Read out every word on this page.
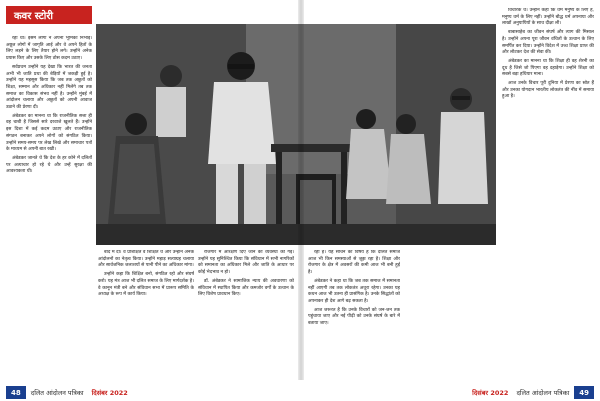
कवर स्टोरी

रहा था। इसमें लोगों ने अपनी भूमिका निभाई। अछूत लोगों में जागृति आई और वे अपने हितों के लिए लड़ने के लिए तैयार होने लगे। उन्होंने अनेक प्रयास किए और उसके लिए ठोस कदम उठाए।

सर्वप्रथम उन्होंने यह देखा कि भारत की जनता अभी भी जाति प्रथा की बेड़ियों में जकड़ी हुई है। उन्होंने यह महसूस किया कि जब तक अछूतों को शिक्षा, सम्मान और अधिकार नहीं मिलेंगे तब तक समाज का विकास संभव नहीं है। उन्होंने मुंबई में आंदोलन चलाया और अछूतों को अपनी आवाज उठाने की प्रेरणा दी।

अंबेडकर का मानना था कि राजनीतिक सत्ता ही वह चाबी है जिससे सारे दरवाजे खुलते हैं। उन्होंने इस दिशा में कई कदम उठाए और राजनीतिक संगठन बनाकर अपने लोगों को संगठित किया। उन्होंने समय-समय पर लेख लिखे और समाचार पत्रों के माध्यम से अपनी बात रखी।

अंबेडकर जानते थे कि देश के हर कोने में दलितों पर अत्याचार हो रहे थे और उन्हें सुरक्षा की आवश्यकता थी।

बाद में दी। वे प्रशिक्षित व शिक्षित थे और उन्होंने अनेक आंदोलनों का नेतृत्व किया। उन्होंने महाड़ सत्याग्रह चलाया और सार्वजनिक जलाशयों से पानी पीने का अधिकार मांगा।

उन्होंने कहा कि शिक्षित बनो, संगठित रहो और संघर्ष करो। यह मंत्र आज भी दलित समाज के लिए मार्गदर्शक है। वे कानून मंत्री बने और संविधान सभा में प्रारूप समिति के अध्यक्ष के रूप में कार्य किया।

रोजगार में आरक्षण दिए जाने की व्यवस्था की गई। उन्होंने यह सुनिश्चित किया कि संविधान में सभी नागरिकों को समानता का अधिकार मिले और जाति के आधार पर कोई भेदभाव न हो।

डॉ. अंबेडकर ने सामाजिक न्याय की अवधारणा को संविधान में स्थापित किया और कमजोर वर्गों के उत्थान के लिए विशेष प्रावधान किए।

रही है। यह सोचने का विषय है कि दलित समाज आज भी किन समस्याओं से जूझ रहा है। शिक्षा और रोजगार के क्षेत्र में अवसरों की कमी आज भी बनी हुई है।

अंबेडकर ने कहा था कि जब तक समाज में समानता नहीं आएगी तब तक लोकतंत्र अधूरा रहेगा। उनका यह कथन आज भी उतना ही प्रासंगिक है। उनके सिद्धांतों को अपनाकर ही देश आगे बढ़ सकता है।

आज जरूरत है कि उनके विचारों को जन-जन तक पहुंचाया जाए और नई पीढ़ी को उनके संघर्ष के बारे में बताया जाए।

विचारक थे। उन्होंने कहा कि धर्म मनुष्य के लिए है, मनुष्य धर्म के लिए नहीं। उन्होंने बौद्ध धर्म अपनाया और लाखों अनुयायियों के साथ दीक्षा ली।

बाबासाहेब का जीवन संघर्ष और त्याग की मिसाल है। उन्होंने अपना पूरा जीवन वंचितों के उत्थान के लिए समर्पित कर दिया। उन्होंने विदेश में उच्च शिक्षा प्राप्त की और लौटकर देश की सेवा की।

अंबेडकर का मानना था कि शिक्षा ही वह शेरनी का दूध है जिसे जो पिएगा वह दहाड़ेगा। उन्होंने शिक्षा को सबसे बड़ा हथियार माना।

आज उनके विचार पूरी दुनिया में प्रेरणा का स्रोत हैं और उनका योगदान भारतीय लोकतंत्र की नींव में समाया हुआ है।

48	दलित आंदोलन पत्रिका	दिसंबर 2022	दिसंबर 2022	दलित आंदोलन पत्रिका	49
